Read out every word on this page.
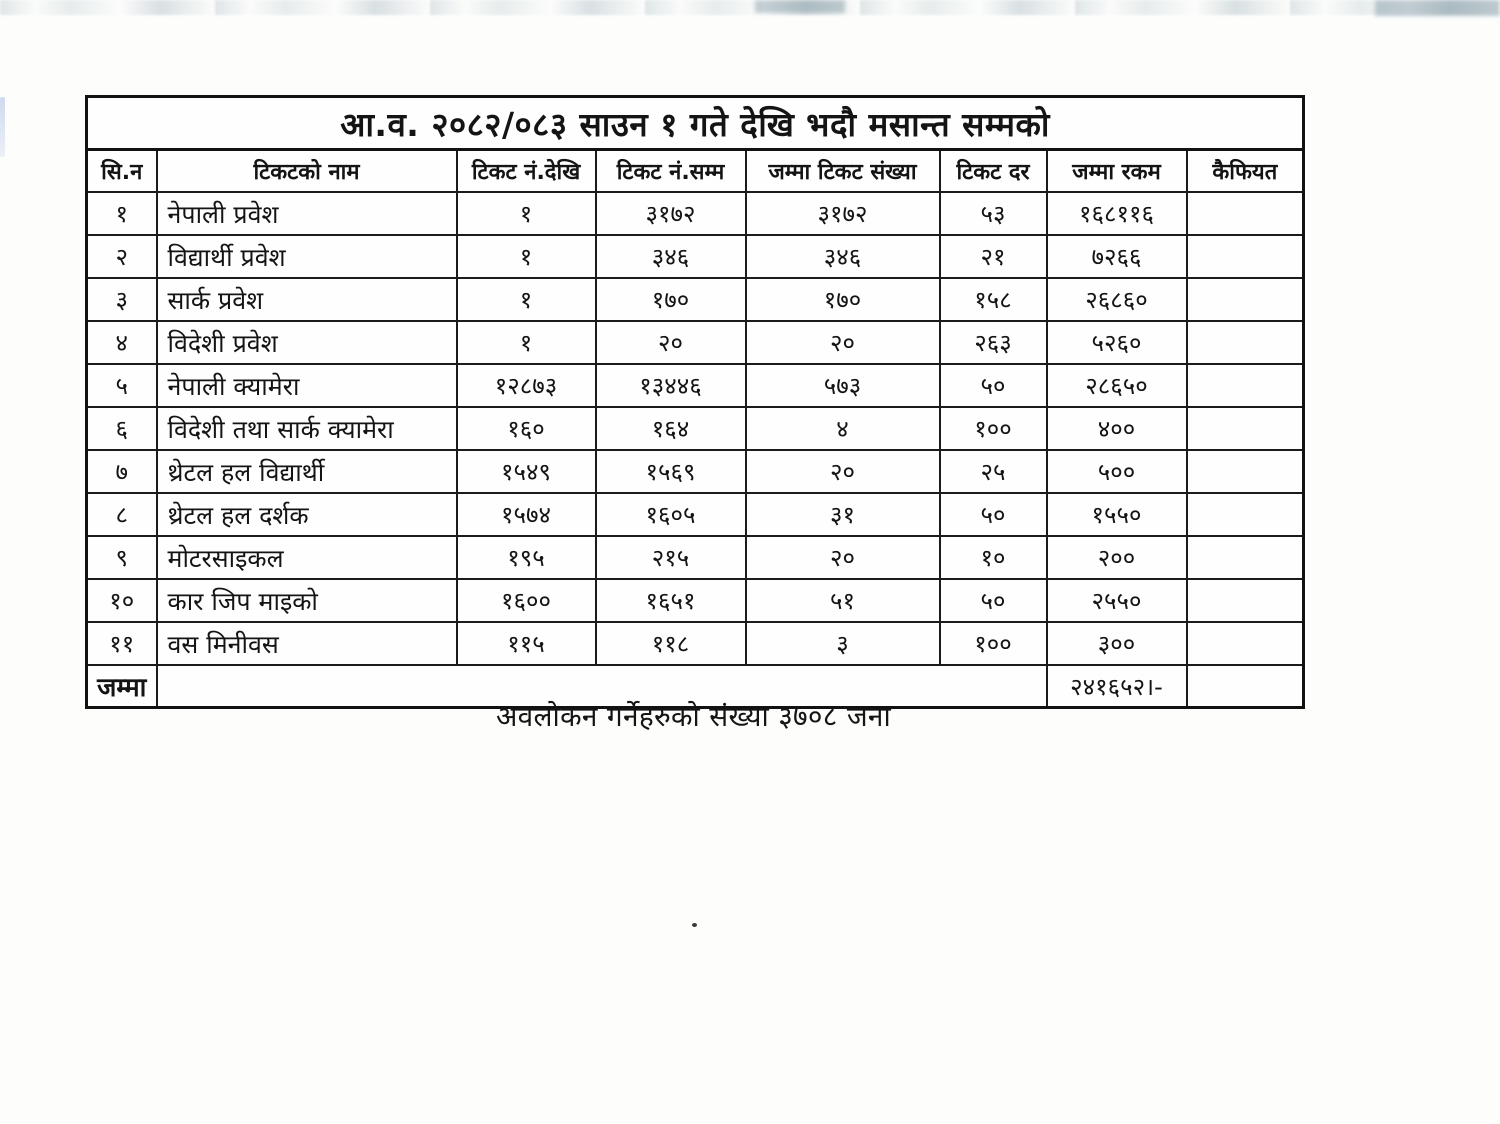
आ.व. २०८२/०८३ साउन १ गते देखि भदौ मसान्त सम्मको							
सि.न	टिकटको नाम	टिकट नं.देखि	टिकट नं.सम्म	जम्मा टिकट संख्या	टिकट दर	जम्मा रकम	कैफियत
१	नेपाली प्रवेश	१	३१७२	३१७२	५३	१६८११६	
२	विद्यार्थी प्रवेश	१	३४६	३४६	२१	७२६६	
३	सार्क प्रवेश	१	१७०	१७०	१५८	२६८६०	
४	विदेशी प्रवेश	१	२०	२०	२६३	५२६०	
५	नेपाली क्यामेरा	१२८७३	१३४४६	५७३	५०	२८६५०	
६	विदेशी तथा सार्क क्यामेरा	१६०	१६४	४	१००	४००	
७	थ्रेटल हल विद्यार्थी	१५४९	१५६९	२०	२५	५००	
८	थ्रेटल हल दर्शक	१५७४	१६०५	३१	५०	१५५०	
९	मोटरसाइकल	१९५	२१५	२०	१०	२००	
१०	कार जिप माइको	१६००	१६५१	५१	५०	२५५०	
११	वस मिनीवस	११५	११८	३	१००	३००	
जम्मा						२४१६५२।-	
अवलोकन गर्नेहरुको संख्या ३७०८ जना
